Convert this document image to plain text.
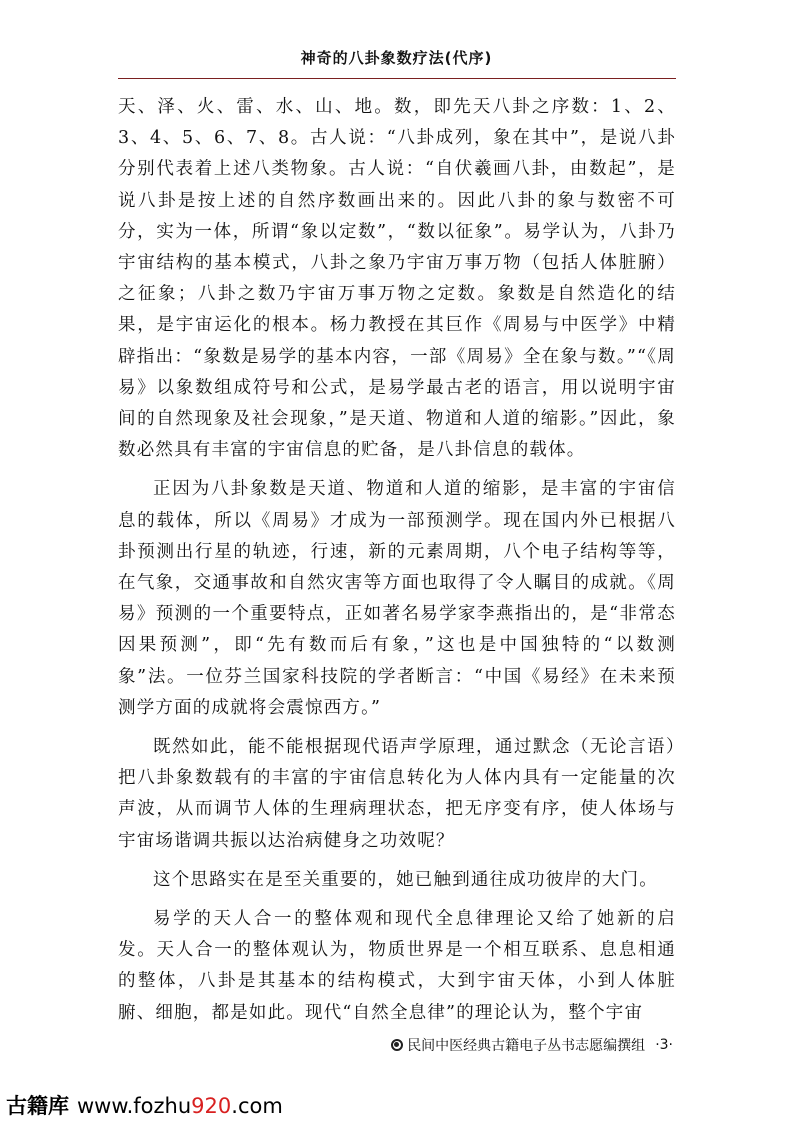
神奇的八卦象数疗法(代序)

天、泽、火、雷、水、山、地。数，即先天八卦之序数：1、2、3、4、5、6、7、8。古人说：“八卦成列，象在其中”，是说八卦分别代表着上述八类物象。古人说：“自伏羲画八卦，由数起”，是说八卦是按上述的自然序数画出来的。因此八卦的象与数密不可分，实为一体，所谓“象以定数”，“数以征象”。易学认为，八卦乃宇宙结构的基本模式，八卦之象乃宇宙万事万物（包括人体脏腑）之征象；八卦之数乃宇宙万事万物之定数。象数是自然造化的结果，是宇宙运化的根本。杨力教授在其巨作《周易与中医学》中精辟指出：“象数是易学的基本内容，一部《周易》全在象与数。”“《周易》以象数组成符号和公式，是易学最古老的语言，用以说明宇宙间的自然现象及社会现象，”是天道、物道和人道的缩影。”因此，象数必然具有丰富的宇宙信息的贮备，是八卦信息的载体。

正因为八卦象数是天道、物道和人道的缩影，是丰富的宇宙信息的载体，所以《周易》才成为一部预测学。现在国内外已根据八卦预测出行星的轨迹，行速，新的元素周期，八个电子结构等等，在气象，交通事故和自然灾害等方面也取得了令人瞩目的成就。《周易》预测的一个重要特点，正如著名易学家李燕指出的，是“非常态因果预测”，即“先有数而后有象，”这也是中国独特的“以数测象”法。一位芬兰国家科技院的学者断言：“中国《易经》在未来预测学方面的成就将会震惊西方。”

既然如此，能不能根据现代语声学原理，通过默念（无论言语）把八卦象数载有的丰富的宇宙信息转化为人体内具有一定能量的次声波，从而调节人体的生理病理状态，把无序变有序，使人体场与宇宙场谐调共振以达治病健身之功效呢？

这个思路实在是至关重要的，她已触到通往成功彼岸的大门。

易学的天人合一的整体观和现代全息律理论又给了她新的启发。天人合一的整体观认为，物质世界是一个相互联系、息息相通的整体，八卦是其基本的结构模式，大到宇宙天体，小到人体脏腑、细胞，都是如此。现代“自然全息律”的理论认为，整个宇宙

民间中医经典古籍电子丛书志愿编撰组 ·3·
古籍库 www.fozhu920.com
